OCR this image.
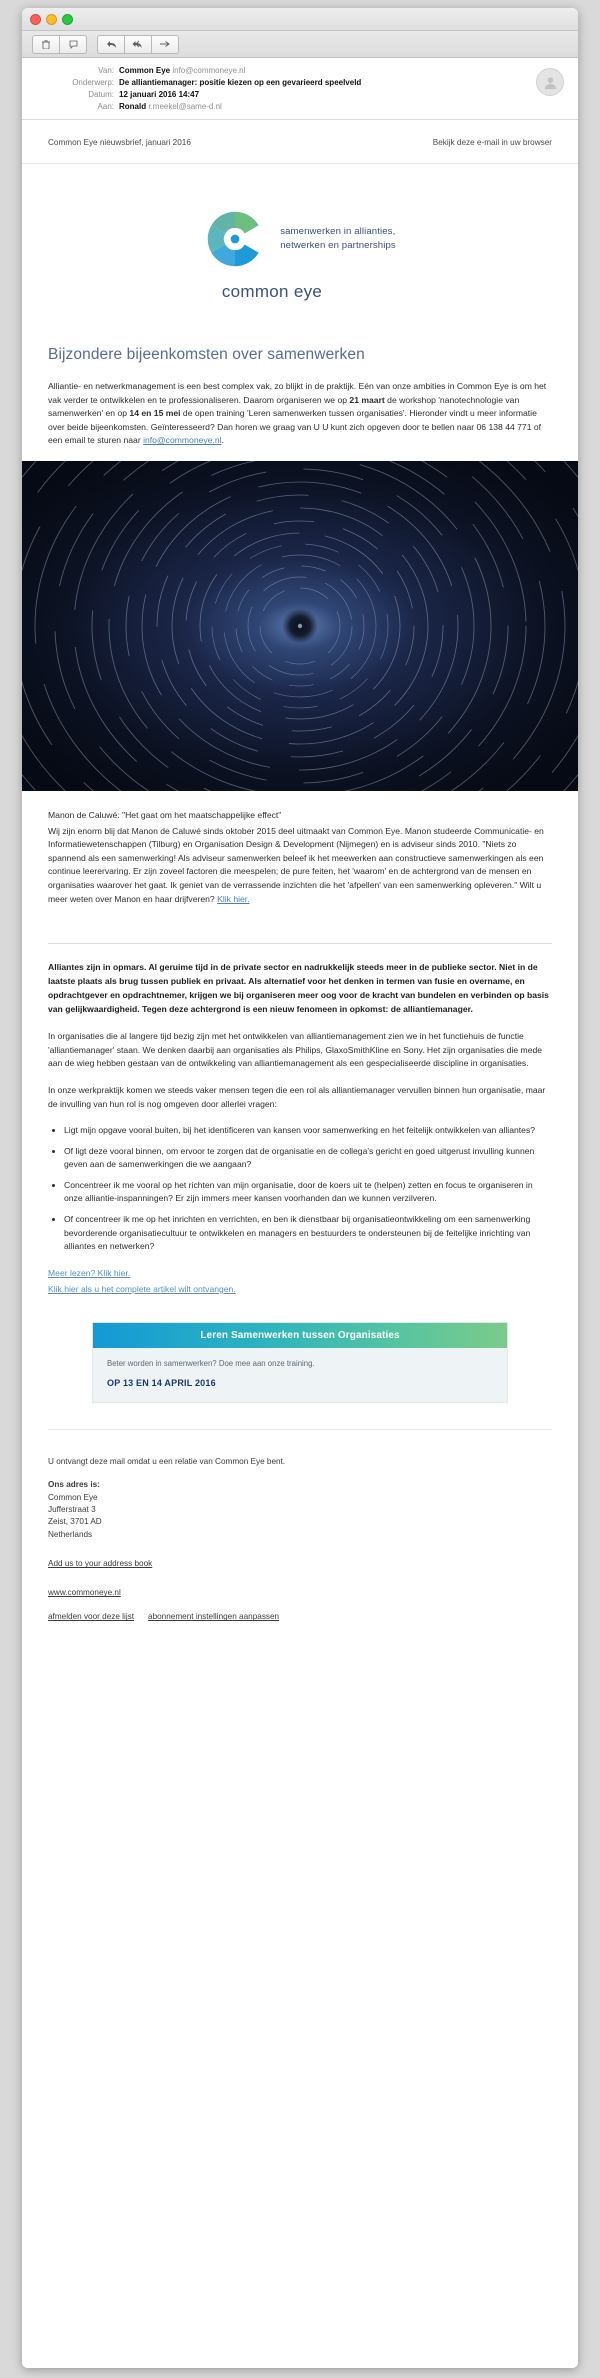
Van: Common Eye info@commoneye.nl
Onderwerp: De alliantiemanager: positie kiezen op een gevarieerd speelveld
Datum: 12 januari 2016 14:47
Aan: Ronald r.meekel@same-d.nl
Common Eye nieuwsbrief, januari 2016	Bekijk deze e-mail in uw browser
samenwerken in allianties,
netwerken en partnerships
common eye
Bijzondere bijeenkomsten over samenwerken

Alliantie- en netwerkmanagement is een best complex vak, zo blijkt in de praktijk. Eén van onze ambities in Common Eye is om het vak verder te ontwikkelen en te professionaliseren. Daarom organiseren we op 21 maart de workshop 'nanotechnologie van samenwerken' en op 14 en 15 mei de open training 'Leren samenwerken tussen organisaties'. Hieronder vindt u meer informatie over beide bijeenkomsten. Geïnteresseerd? Dan horen we graag van U U kunt zich opgeven door te bellen naar 06 138 44 771 of een email te sturen naar info@commoneye.nl.

Manon de Caluwé: "Het gaat om het maatschappelijke effect"

Wij zijn enorm blij dat Manon de Caluwé sinds oktober 2015 deel uitmaakt van Common Eye. Manon studeerde Communicatie- en Informatiewetenschappen (Tilburg) en Organisation Design & Development (Nijmegen) en is adviseur sinds 2010. "Niets zo spannend als een samenwerking! Als adviseur samenwerken beleef ik het meewerken aan constructieve samenwerkingen als een continue leerervaring. Er zijn zoveel factoren die meespelen; de pure feiten, het 'waarom' en de achtergrond van de mensen en organisaties waarover het gaat. Ik geniet van de verrassende inzichten die het 'afpellen' van een samenwerking opleveren." Wilt u meer weten over Manon en haar drijfveren? Klik hier.

Alliantes zijn in opmars. Al geruime tijd in de private sector en nadrukkelijk steeds meer in de publieke sector. Niet in de laatste plaats als brug tussen publiek en privaat. Als alternatief voor het denken in termen van fusie en overname, en opdrachtgever en opdrachtnemer, krijgen we bij organiseren meer oog voor de kracht van bundelen en verbinden op basis van gelijkwaardigheid. Tegen deze achtergrond is een nieuw fenomeen in opkomst: de alliantiemanager.

In organisaties die al langere tijd bezig zijn met het ontwikkelen van alliantiemanagement zien we in het functiehuis de functie 'alliantiemanager' staan. We denken daarbij aan organisaties als Philips, GlaxoSmithKline en Sony. Het zijn organisaties die mede aan de wieg hebben gestaan van de ontwikkeling van alliantiemanagement als een gespecialiseerde discipline in organisaties.

In onze werkpraktijk komen we steeds vaker mensen tegen die een rol als alliantiemanager vervullen binnen hun organisatie, maar de invulling van hun rol is nog omgeven door allerlei vragen:

• Ligt mijn opgave vooral buiten, bij het identificeren van kansen voor samenwerking en het feitelijk ontwikkelen van alliantes?
• Of ligt deze vooral binnen, om ervoor te zorgen dat de organisatie en de collega's gericht en goed uitgerust invulling kunnen geven aan de samenwerkingen die we aangaan?
• Concentreer ik me vooral op het richten van mijn organisatie, door de koers uit te (helpen) zetten en focus te organiseren in onze alliantie-inspanningen? Er zijn immers meer kansen voorhanden dan we kunnen verzilveren.
• Of concentreer ik me op het inrichten en verrichten, en ben ik dienstbaar bij organisatieontwikkeling om een samenwerking bevorderende organisatiecultuur te ontwikkelen en managers en bestuurders te ondersteunen bij de feitelijke inrichting van alliantes en netwerken?
Meer lezen? Klik hier.
Klik hier als u het complete artikel wilt ontvangen.
Leren Samenwerken tussen Organisaties

Beter worden in samenwerken? Doe mee aan onze training.

OP 13 EN 14 APRIL 2016

U ontvangt deze mail omdat u een relatie van Common Eye bent.

Ons adres is:
Common Eye
Jufferstraat 3
Zeist, 3701 AD
Netherlands

Add us to your address book
www.commoneye.nl
afmelden voor deze lijst abonnement instellingen aanpassen
